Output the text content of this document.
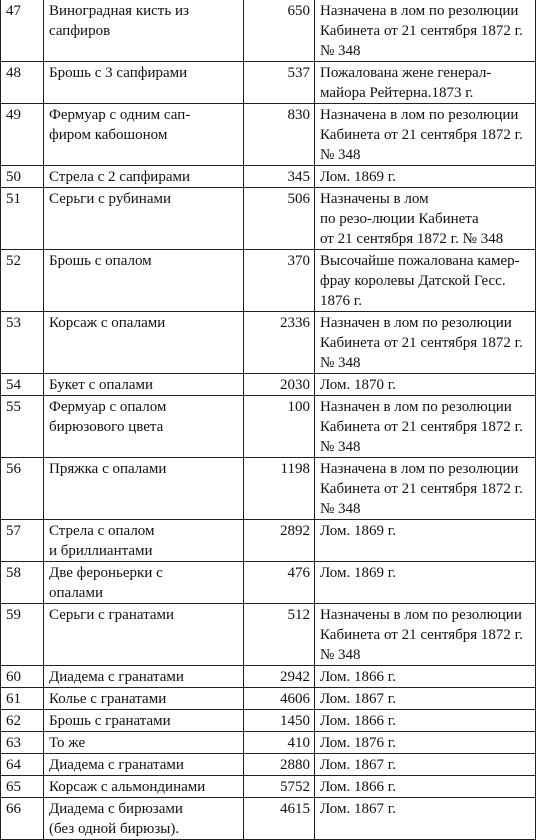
47	Виноградная кисть из
сапфиров	650	Назначена в лом по резолюции
Кабинета от 21 сентября 1872 г.
№ 348
48	Брошь с 3 сапфирами	537	Пожалована жене генерал-
майора Рейтерна.1873 г.
49	Фермуар с одним сап-
фиром кабошоном	830	Назначена в лом по резолюции
Кабинета от 21 сентября 1872 г.
№ 348
50	Стрела с 2 сапфирами	345	Лом. 1869 г.
51	Серьги с рубинами	506	Назначены в лом
по резо-люции Кабинета
от 21 сентября 1872 г. № 348
52	Брошь с опалом	370	Высочайше пожалована камер-
фрау королевы Датской Гесс.
1876 г.
53	Корсаж с опалами	2336	Назначен в лом по резолюции
Кабинета от 21 сентября 1872 г.
№ 348
54	Букет с опалами	2030	Лом. 1870 г.
55	Фермуар с опалом
бирюзового цвета	100	Назначен в лом по резолюции
Кабинета от 21 сентября 1872 г.
№ 348
56	Пряжка с опалами	1198	Назначена в лом по резолюции
Кабинета от 21 сентября 1872 г.
№ 348
57	Стрела с опалом
и бриллиантами	2892	Лом. 1869 г.
58	Две фероньерки с
опалами	476	Лом. 1869 г.
59	Серьги с гранатами	512	Назначены в лом по резолюции
Кабинета от 21 сентября 1872 г.
№ 348
60	Диадема с гранатами	2942	Лом. 1866 г.
61	Колье с гранатами	4606	Лом. 1867 г.
62	Брошь с гранатами	1450	Лом. 1866 г.
63	То же	410	Лом. 1876 г.
64	Диадема с гранатами	2880	Лом. 1867 г.
65	Корсаж с альмондинами	5752	Лом. 1866 г.
66	Диадема с бирюзами
(без одной бирюзы).	4615	Лом. 1867 г.
